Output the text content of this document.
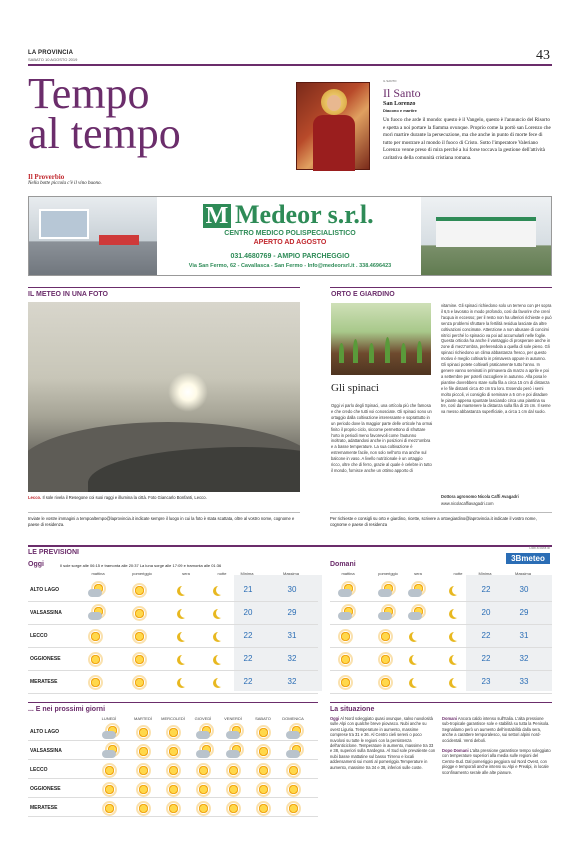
LA PROVINCIA
SABATO 10 AGOSTO 2019	43
Tempo
al tempo
Il Proverbio
Nella botte piccola c'è il vino buono.
IL SANTO
Il Santo
San Lorenzo
Diacono e martire
Un fuoco che arde il mondo: questo è il Vangelo, questo è l'annuncio del Risorto e spetta a noi portare la fiamma ovunque. Proprio come la portò san Lorenzo che morì martire durante la persecuzione, ma che anche in punto di morte fece di tutto per mostrare al mondo il fuoco di Cristo. Sotto l'imperatore Valeriano Lorenzo venne preso di mira perché a lui forse toccava la gestione dell'attività caritativa della comunità cristiana romana.
M Medeor s.r.l.
CENTRO MEDICO POLISPECIALISTICO
APERTO AD AGOSTO
031.4680769 - AMPIO PARCHEGGIO
Via San Fermo, 62 - Cavallasca - San Fermo - Info@medeorsrl.it . 338.4696423
IL METEO IN UNA FOTO
Lecco. Il sole rivela il Resegone coi suoi raggi e illumina la città. Foto Giancarlo Bonfanti, Lecco.
Inviate le vostre immagini a tempoaltempo@laprovincia.it indicate sempre il luogo in cui la foto è stata scattata, oltre al vostro nome, cognome e paese di residenza.
ORTO E GIARDINO
Gli spinaci
Oggi vi parlo degli Spinaci, una ortícola più che famosa e che credo che tutti voi conosciate. Gli spinaci sono un ortaggio dalla coltivazione interessante e soprattutto in un periodo dove la maggior parte delle orticole ha ormai finito il proprio ciclo, siccome permettono di sfruttare l'orto in periodi meno favorevoli come l'autunno inoltrato, adattandosi anche in posizioni di mezz'ombra e a basse temperature. La sua coltivazione è estremamente facile, non solo nell'orto ma anche sul balcone in vaso. A livello nutrizionale è un ortaggio ricco, oltre che di ferro, grazie al quale è celebre in tutto il mondo, fornisce anche un ottimo apporto di
vitamine. Gli spinaci richiedono solo un terreno con pH sopra il 6,5 e lavorato in modo profondo, così da favorire che crenì l'acqua in eccesso; per il resto non ha ulteriori richieste e può senza problemi sfruttare la fertilità residua lasciate da altre coltivazioni concimate. Attenzione a non abusare di concimi nitrici perché lo spinacio va poi ad accumularli nelle foglie. Questa orticola ha anche il vantaggio di prosperare anche in zone di mezz'ombra, preferendola a quella di sole pieno. Gli spinaci richiedono un clima abbastanza fresco, per questo motivo è meglio coltivarlo in primavera oppure in autunno. Gli spinaci potete coltivarli praticamente tutto l'anno. In genere vanno seminati in primavera da marzo a aprile e poi a settembre per poterli raccogliere in autunno. Alla posa le piantine dovrebbero stare sulla fila a circa 15 cm di distanza e le file distanti circa 40 cm tra loro. Essendo però i semi molto piccoli, vi consiglio di seminare a 5 cm e poi diradare le piante appena spuntate lasciando circa una piantina su tre, così da mantenere la distanza sulla fila di 15 cm. Il seme va messo abbastanza superficiale, a circa 1 cm dal suolo.
Dottora agronomo Nicola Caffi Avagadri
www.nicolacaffiavagadri.com
Per richieste e consigli su orto e giardino, ricette, scrivere a ortoegiardino@laprovincia.it indicate il vostro nome, cognome e paese di residenza
LE PREVISIONI
Dati a cura di
3Bmeteo
Oggi	Il sole sorge alle 06:15 e tramonta alle 20:37 La luna sorge alle 17:09 e tramonta alle 01:36	Domani
mattina	pomeriggio	sera	notte	Minima	Massima
ALTO LAGO	21	30
VALSASSINA	20	29
LECCO	22	31
OGGIONESE	22	32
MERATESE	22	32
mattina	pomeriggio	sera	notte	Minima	Massima
22	30
20	29
22	31
22	32
23	33
... E nei prossimi giorni
LUNEDÌ	MARTEDÌ	MERCOLEDÌ	GIOVEDÌ	VENERDÌ	SABATO	DOMENICA
ALTO LAGO
VALSASSINA
LECCO
OGGIONESE
MERATESE
La situazione
Oggi Al Nord soleggiato quasi ovunque, salvo nuvolosità sulle Alpi con qualche breve piovasco. Nubi anche su ovest Liguria. Temperature in aumento, massime comprese tra 31 e 36. Al Centro cieli sereni o poco nuvolosi su tutte le regioni con la persistenza dell'anticiclone. Temperature in aumento, massime tra 33 e 38, superiori sulla Sardegna. Al Sud sole prevalente con nubi basse mattutine sul basso Tirreno e locali addensamenti sui monti al pomeriggio.Temperature in aumento, massime tra 34 e 38, inferiori sulle coste.
Domani Ancora caldo intenso sull'Italia. L'alta pressione sub-tropicale garantisce sole e stabilità su tutta la Penisola. Segnaliamo però un aumento dell'instabilità dalla sera, anche a carattere temporalesco, sui settori alpini nord-occidentali. Venti deboli.
Dopo Domani L'alta pressione garantisce tempo soleggiato con temperature superiori alla media sulle regioni del Centro-Sud. Dal pomeriggio peggiora sul Nord Ovest, con piogge e temporali anche intensi su Alpi e Prealpi, in locale sconfinamento serale alle alte pianure.
